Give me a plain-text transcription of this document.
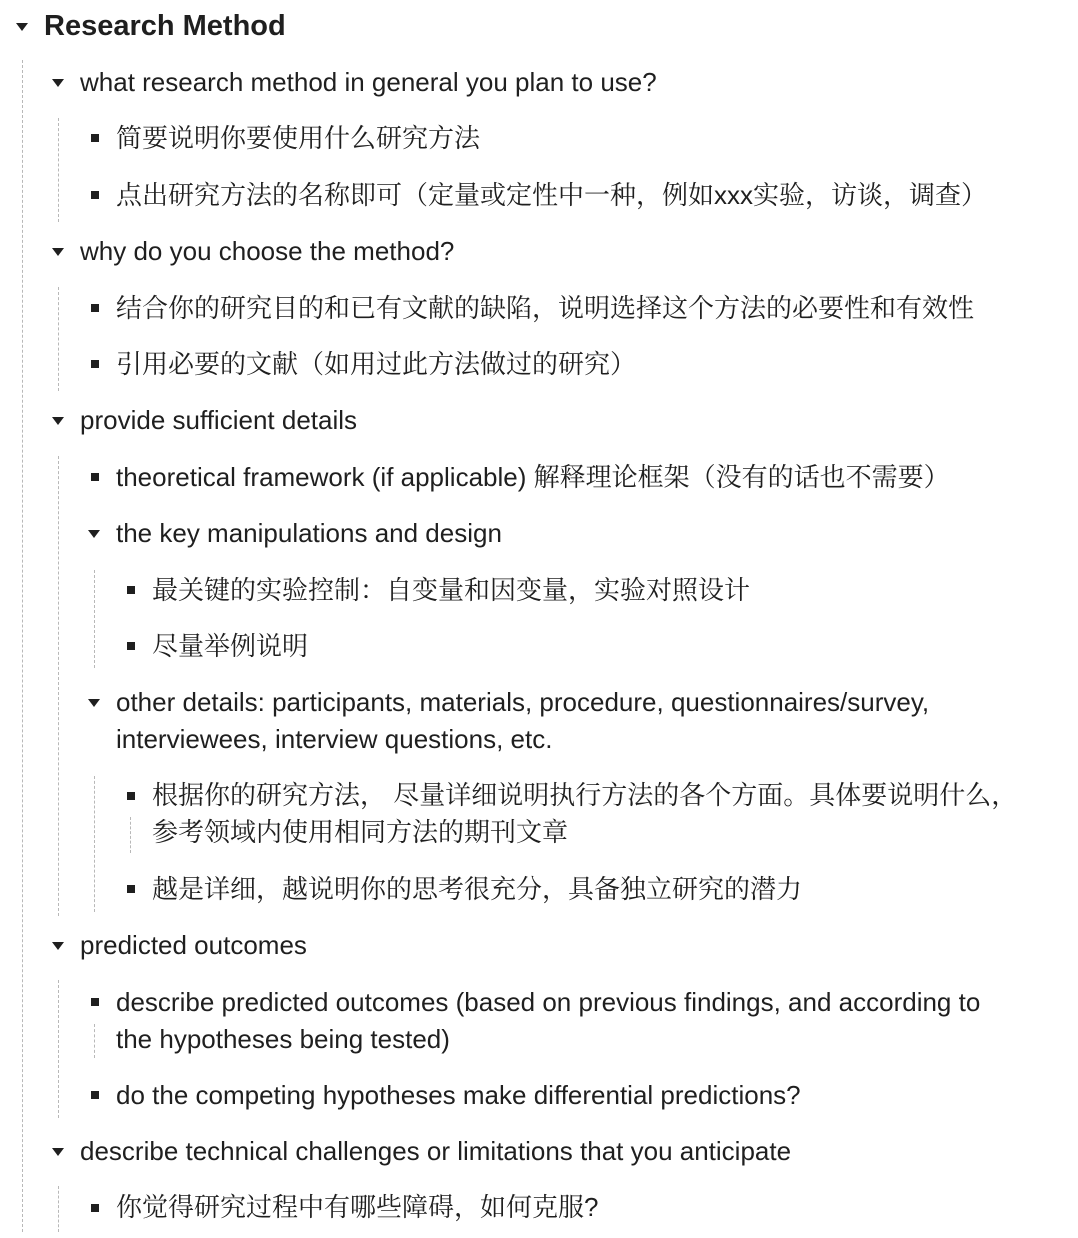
Research Method
what research method in general you plan to use?
简要说明你要使用什么研究方法
点出研究方法的名称即可（定量或定性中一种，例如xxx实验，访谈，调查）
why do you choose the method?
结合你的研究目的和已有文献的缺陷，说明选择这个方法的必要性和有效性
引用必要的文献（如用过此方法做过的研究）
provide sufficient details
theoretical framework (if applicable) 解释理论框架（没有的话也不需要）
the key manipulations and design
最关键的实验控制：自变量和因变量，实验对照设计
尽量举例说明
other details: participants, materials, procedure, questionnaires/survey,
interviewees, interview questions, etc.
根据你的研究方法， 尽量详细说明执行方法的各个方面。具体要说明什么，
参考领域内使用相同方法的期刊文章
越是详细，越说明你的思考很充分，具备独立研究的潜力
predicted outcomes
describe predicted outcomes (based on previous findings, and according to
the hypotheses being tested)
do the competing hypotheses make differential predictions?
describe technical challenges or limitations that you anticipate
你觉得研究过程中有哪些障碍，如何克服?
